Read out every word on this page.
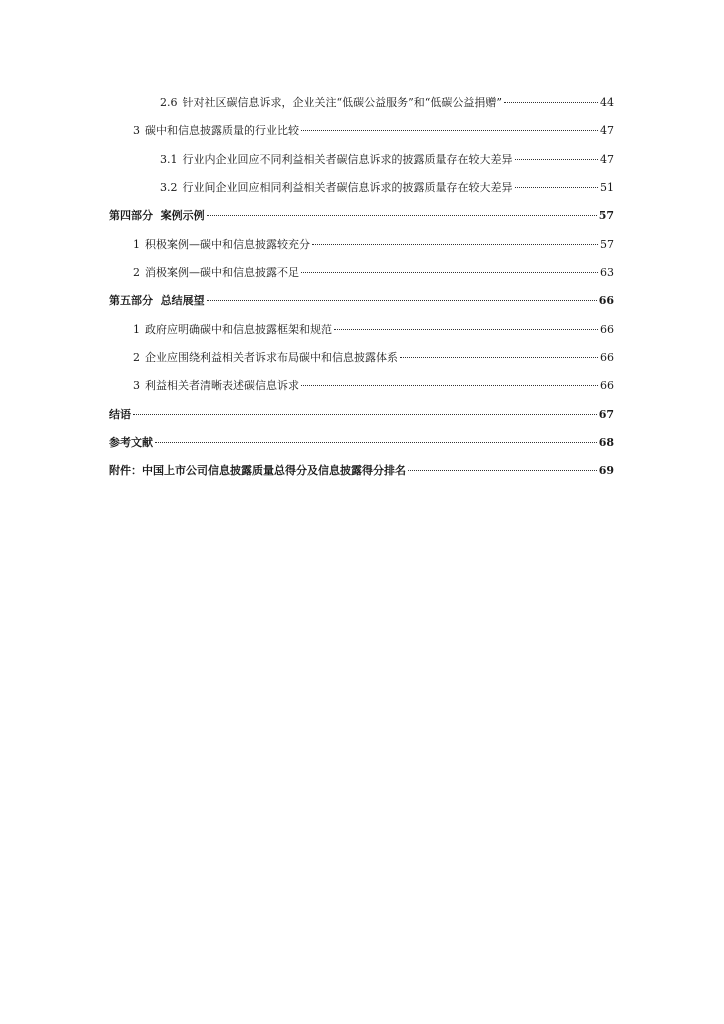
2.6 针对社区碳信息诉求，企业关注“低碳公益服务”和“低碳公益捐赠”	44
3 碳中和信息披露质量的行业比较	47
3.1 行业内企业回应不同利益相关者碳信息诉求的披露质量存在较大差异	47
3.2 行业间企业回应相同利益相关者碳信息诉求的披露质量存在较大差异	51
第四部分  案例示例	57
1 积极案例—碳中和信息披露较充分	57
2 消极案例—碳中和信息披露不足	63
第五部分  总结展望	66
1 政府应明确碳中和信息披露框架和规范	66
2 企业应围绕利益相关者诉求布局碳中和信息披露体系	66
3 利益相关者清晰表述碳信息诉求	66
结语	67
参考文献	68
附件：中国上市公司信息披露质量总得分及信息披露得分排名	69
